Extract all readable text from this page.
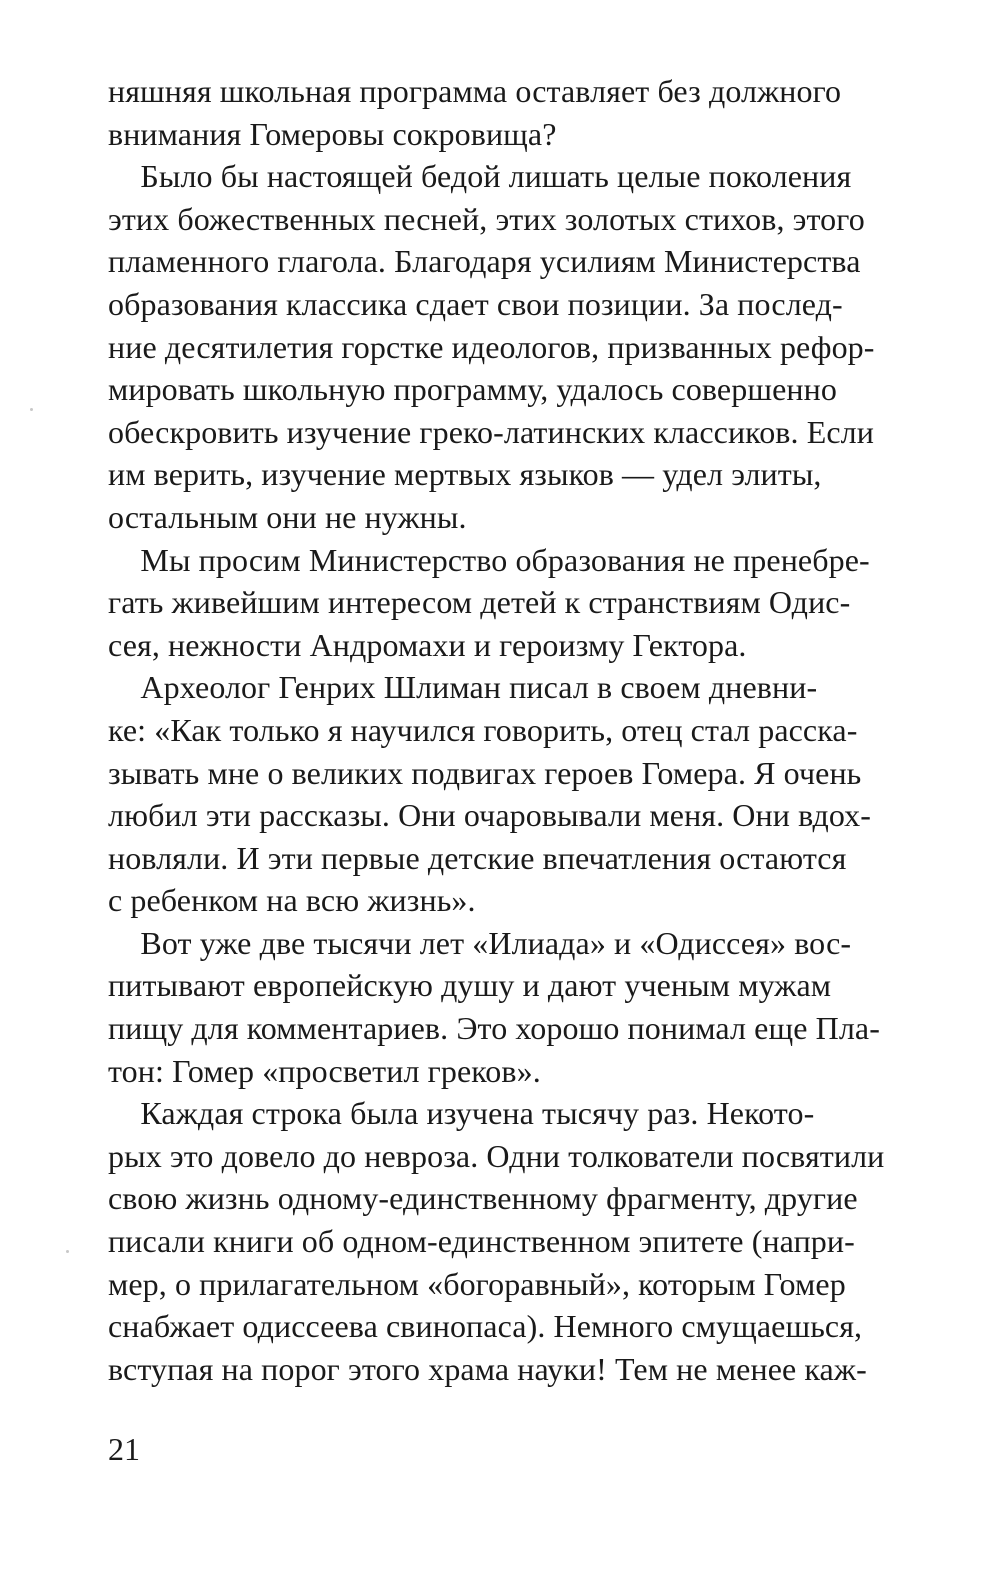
няшняя школьная программа оставляет без должного
внимания Гомеровы сокровища?
Было бы настоящей бедой лишать целые поколения
этих божественных песней, этих золотых стихов, этого
пламенного глагола. Благодаря усилиям Министерства
образования классика сдает свои позиции. За послед-
ние десятилетия горстке идеологов, призванных рефор-
мировать школьную программу, удалось совершенно
обескровить изучение греко-латинских классиков. Если
им верить, изучение мертвых языков — удел элиты,
остальным они не нужны.
Мы просим Министерство образования не пренебре-
гать живейшим интересом детей к странствиям Одис-
сея, нежности Андромахи и героизму Гектора.
Археолог Генрих Шлиман писал в своем дневни-
ке: «Как только я научился говорить, отец стал расска-
зывать мне о великих подвигах героев Гомера. Я очень
любил эти рассказы. Они очаровывали меня. Они вдох-
новляли. И эти первые детские впечатления остаются
с ребенком на всю жизнь».
Вот уже две тысячи лет «Илиада» и «Одиссея» вос-
питывают европейскую душу и дают ученым мужам
пищу для комментариев. Это хорошо понимал еще Пла-
тон: Гомер «просветил греков».
Каждая строка была изучена тысячу раз. Некото-
рых это довело до невроза. Одни толкователи посвятили
свою жизнь одному-единственному фрагменту, другие
писали книги об одном-единственном эпитете (напри-
мер, о прилагательном «богоравный», которым Гомер
снабжает одиссеева свинопаса). Немного смущаешься,
вступая на порог этого храма науки! Тем не менее каж-
21
